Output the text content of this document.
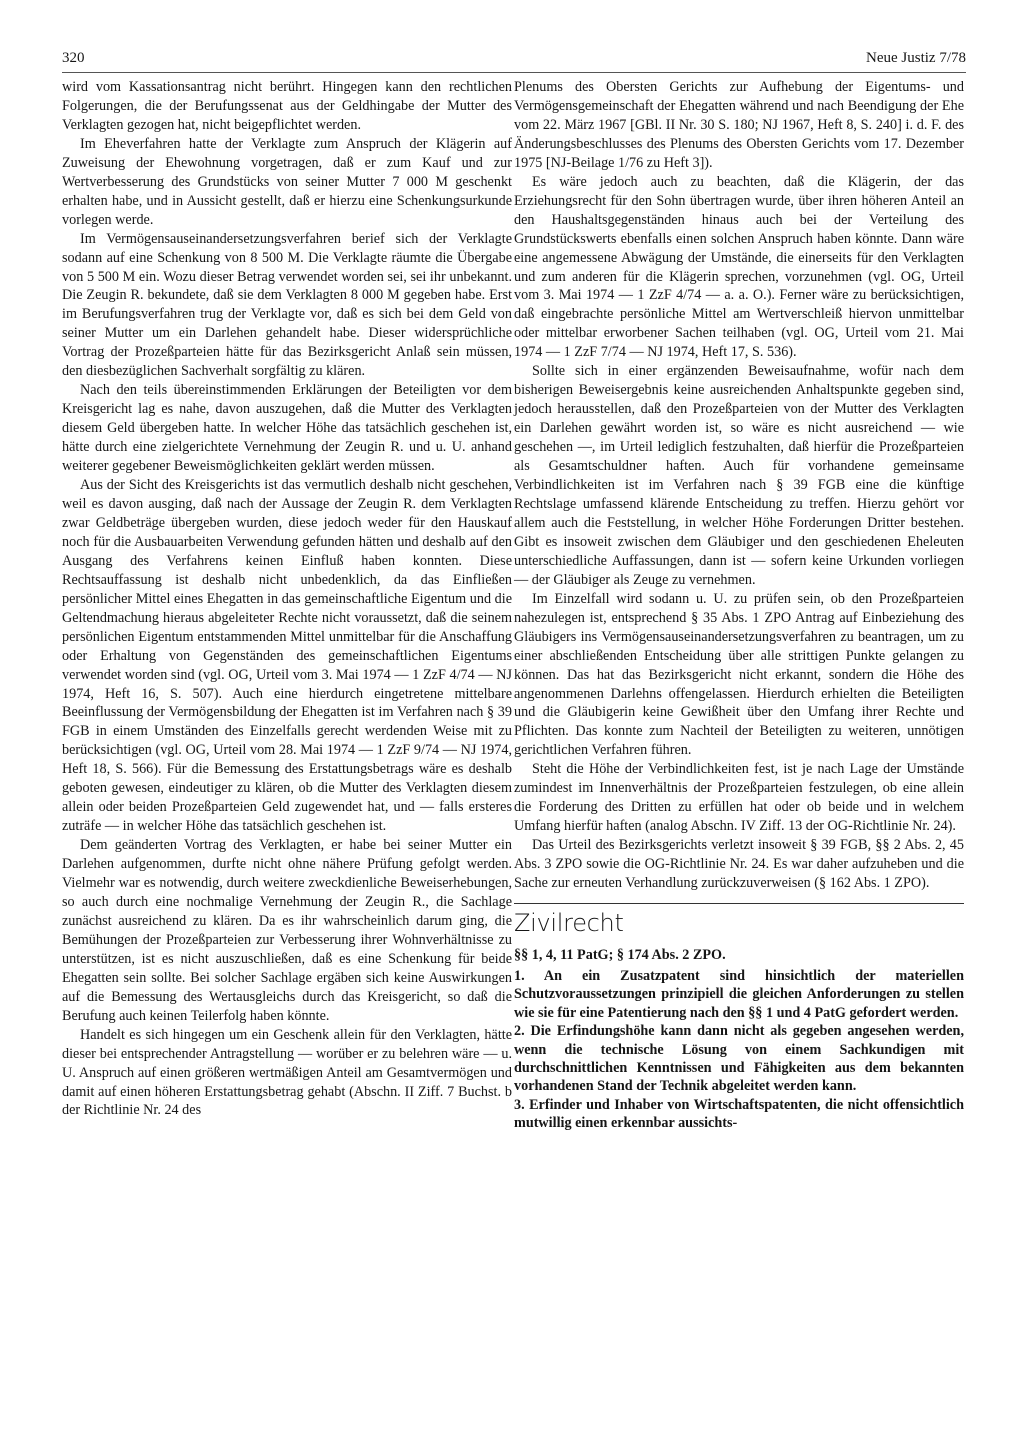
320	Neue Justiz 7/78

wird vom Kassationsantrag nicht berührt. Hingegen kann den rechtlichen Folgerungen, die der Berufungssenat aus der Geldhingabe der Mutter des Verklagten gezogen hat, nicht beigepflichtet werden.

Im Eheverfahren hatte der Verklagte zum Anspruch der Klägerin auf Zuweisung der Ehewohnung vorgetragen, daß er zum Kauf und zur Wertverbesserung des Grundstücks von seiner Mutter 7 000 M geschenkt erhalten habe, und in Aussicht gestellt, daß er hierzu eine Schenkungsurkunde vorlegen werde.

Im Vermögensauseinandersetzungsverfahren berief sich der Verklagte sodann auf eine Schenkung von 8 500 M. Die Verklagte räumte die Übergabe von 5 500 M ein. Wozu dieser Betrag verwendet worden sei, sei ihr unbekannt. Die Zeugin R. bekundete, daß sie dem Verklagten 8 000 M gegeben habe. Erst im Berufungsverfahren trug der Verklagte vor, daß es sich bei dem Geld von seiner Mutter um ein Darlehen gehandelt habe. Dieser widersprüchliche Vortrag der Prozeßparteien hätte für das Bezirksgericht Anlaß sein müssen, den diesbezüglichen Sachverhalt sorgfältig zu klären.

Nach den teils übereinstimmenden Erklärungen der Beteiligten vor dem Kreisgericht lag es nahe, davon auszugehen, daß die Mutter des Verklagten diesem Geld übergeben hatte. In welcher Höhe das tatsächlich geschehen ist, hätte durch eine zielgerichtete Vernehmung der Zeugin R. und u. U. anhand weiterer gegebener Beweismöglichkeiten geklärt werden müssen.

Aus der Sicht des Kreisgerichts ist das vermutlich deshalb nicht geschehen, weil es davon ausging, daß nach der Aussage der Zeugin R. dem Verklagten zwar Geldbeträge übergeben wurden, diese jedoch weder für den Hauskauf noch für die Ausbauarbeiten Verwendung gefunden hätten und deshalb auf den Ausgang des Verfahrens keinen Einfluß haben konnten. Diese Rechtsauffassung ist deshalb nicht unbedenklich, da das Einfließen persönlicher Mittel eines Ehegatten in das gemeinschaftliche Eigentum und die Geltendmachung hieraus abgeleiteter Rechte nicht voraussetzt, daß die seinem persönlichen Eigentum entstammenden Mittel unmittelbar für die Anschaffung oder Erhaltung von Gegenständen des gemeinschaftlichen Eigentums verwendet worden sind (vgl. OG, Urteil vom 3. Mai 1974 — 1 ZzF 4/74 — NJ 1974, Heft 16, S. 507). Auch eine hierdurch eingetretene mittelbare Beeinflussung der Vermögensbildung der Ehegatten ist im Verfahren nach § 39 FGB in einem Umständen des Einzelfalls gerecht werdenden Weise mit zu berücksichtigen (vgl. OG, Urteil vom 28. Mai 1974 — 1 ZzF 9/74 — NJ 1974, Heft 18, S. 566). Für die Bemessung des Erstattungsbetrags wäre es deshalb geboten gewesen, eindeutiger zu klären, ob die Mutter des Verklagten diesem allein oder beiden Prozeßparteien Geld zugewendet hat, und — falls ersteres zuträfe — in welcher Höhe das tatsächlich geschehen ist.

Dem geänderten Vortrag des Verklagten, er habe bei seiner Mutter ein Darlehen aufgenommen, durfte nicht ohne nähere Prüfung gefolgt werden. Vielmehr war es notwendig, durch weitere zweckdienliche Beweiserhebungen, so auch durch eine nochmalige Vernehmung der Zeugin R., die Sachlage zunächst ausreichend zu klären. Da es ihr wahrscheinlich darum ging, die Bemühungen der Prozeßparteien zur Verbesserung ihrer Wohnverhältnisse zu unterstützen, ist es nicht auszuschließen, daß es eine Schenkung für beide Ehegatten sein sollte. Bei solcher Sachlage ergäben sich keine Auswirkungen auf die Bemessung des Wertausgleichs durch das Kreisgericht, so daß die Berufung auch keinen Teilerfolg haben könnte.

Handelt es sich hingegen um ein Geschenk allein für den Verklagten, hätte dieser bei entsprechender Antragstellung — worüber er zu belehren wäre — u. U. Anspruch auf einen größeren wertmäßigen Anteil am Gesamtvermögen und damit auf einen höheren Erstattungsbetrag gehabt (Abschn. II Ziff. 7 Buchst. b der Richtlinie Nr. 24 des

Plenums des Obersten Gerichts zur Aufhebung der Eigentums- und Vermögensgemeinschaft der Ehegatten während und nach Beendigung der Ehe vom 22. März 1967 [GBl. II Nr. 30 S. 180; NJ 1967, Heft 8, S. 240] i. d. F. des Änderungsbeschlusses des Plenums des Obersten Gerichts vom 17. Dezember 1975 [NJ-Beilage 1/76 zu Heft 3]).

Es wäre jedoch auch zu beachten, daß die Klägerin, der das Erziehungsrecht für den Sohn übertragen wurde, über ihren höheren Anteil an den Haushaltsgegenständen hinaus auch bei der Verteilung des Grundstückswerts ebenfalls einen solchen Anspruch haben könnte. Dann wäre eine angemessene Abwägung der Umstände, die einerseits für den Verklagten und zum anderen für die Klägerin sprechen, vorzunehmen (vgl. OG, Urteil vom 3. Mai 1974 — 1 ZzF 4/74 — a. a. O.). Ferner wäre zu berücksichtigen, daß eingebrachte persönliche Mittel am Wertverschleiß hiervon unmittelbar oder mittelbar erworbener Sachen teilhaben (vgl. OG, Urteil vom 21. Mai 1974 — 1 ZzF 7/74 — NJ 1974, Heft 17, S. 536).

Sollte sich in einer ergänzenden Beweisaufnahme, wofür nach dem bisherigen Beweisergebnis keine ausreichenden Anhaltspunkte gegeben sind, jedoch herausstellen, daß den Prozeßparteien von der Mutter des Verklagten ein Darlehen gewährt worden ist, so wäre es nicht ausreichend — wie geschehen —, im Urteil lediglich festzuhalten, daß hierfür die Prozeßparteien als Gesamtschuldner haften. Auch für vorhandene gemeinsame Verbindlichkeiten ist im Verfahren nach § 39 FGB eine die künftige Rechtslage umfassend klärende Entscheidung zu treffen. Hierzu gehört vor allem auch die Feststellung, in welcher Höhe Forderungen Dritter bestehen. Gibt es insoweit zwischen dem Gläubiger und den geschiedenen Eheleuten unterschiedliche Auffassungen, dann ist — sofern keine Urkunden vorliegen — der Gläubiger als Zeuge zu vernehmen.

Im Einzelfall wird sodann u. U. zu prüfen sein, ob den Prozeßparteien nahezulegen ist, entsprechend § 35 Abs. 1 ZPO Antrag auf Einbeziehung des Gläubigers ins Vermögensauseinandersetzungsverfahren zu beantragen, um zu einer abschließenden Entscheidung über alle strittigen Punkte gelangen zu können. Das hat das Bezirksgericht nicht erkannt, sondern die Höhe des angenommenen Darlehns offengelassen. Hierdurch erhielten die Beteiligten und die Gläubigerin keine Gewißheit über den Umfang ihrer Rechte und Pflichten. Das konnte zum Nachteil der Beteiligten zu weiteren, unnötigen gerichtlichen Verfahren führen.

Steht die Höhe der Verbindlichkeiten fest, ist je nach Lage der Umstände zumindest im Innenverhältnis der Prozeßparteien festzulegen, ob eine allein die Forderung des Dritten zu erfüllen hat oder ob beide und in welchem Umfang hierfür haften (analog Abschn. IV Ziff. 13 der OG-Richtlinie Nr. 24).

Das Urteil des Bezirksgerichts verletzt insoweit § 39 FGB, §§ 2 Abs. 2, 45 Abs. 3 ZPO sowie die OG-Richtlinie Nr. 24. Es war daher aufzuheben und die Sache zur erneuten Verhandlung zurückzuverweisen (§ 162 Abs. 1 ZPO).

Zivilrecht

§§ 1, 4, 11 PatG; § 174 Abs. 2 ZPO.

1. An ein Zusatzpatent sind hinsichtlich der materiellen Schutzvoraussetzungen prinzipiell die gleichen Anforderungen zu stellen wie sie für eine Patentierung nach den §§ 1 und 4 PatG gefordert werden.

2. Die Erfindungshöhe kann dann nicht als gegeben angesehen werden, wenn die technische Lösung von einem Sachkundigen mit durchschnittlichen Kenntnissen und Fähigkeiten aus dem bekannten vorhandenen Stand der Technik abgeleitet werden kann.

3. Erfinder und Inhaber von Wirtschaftspatenten, die nicht offensichtlich mutwillig einen erkennbar aussichts-
